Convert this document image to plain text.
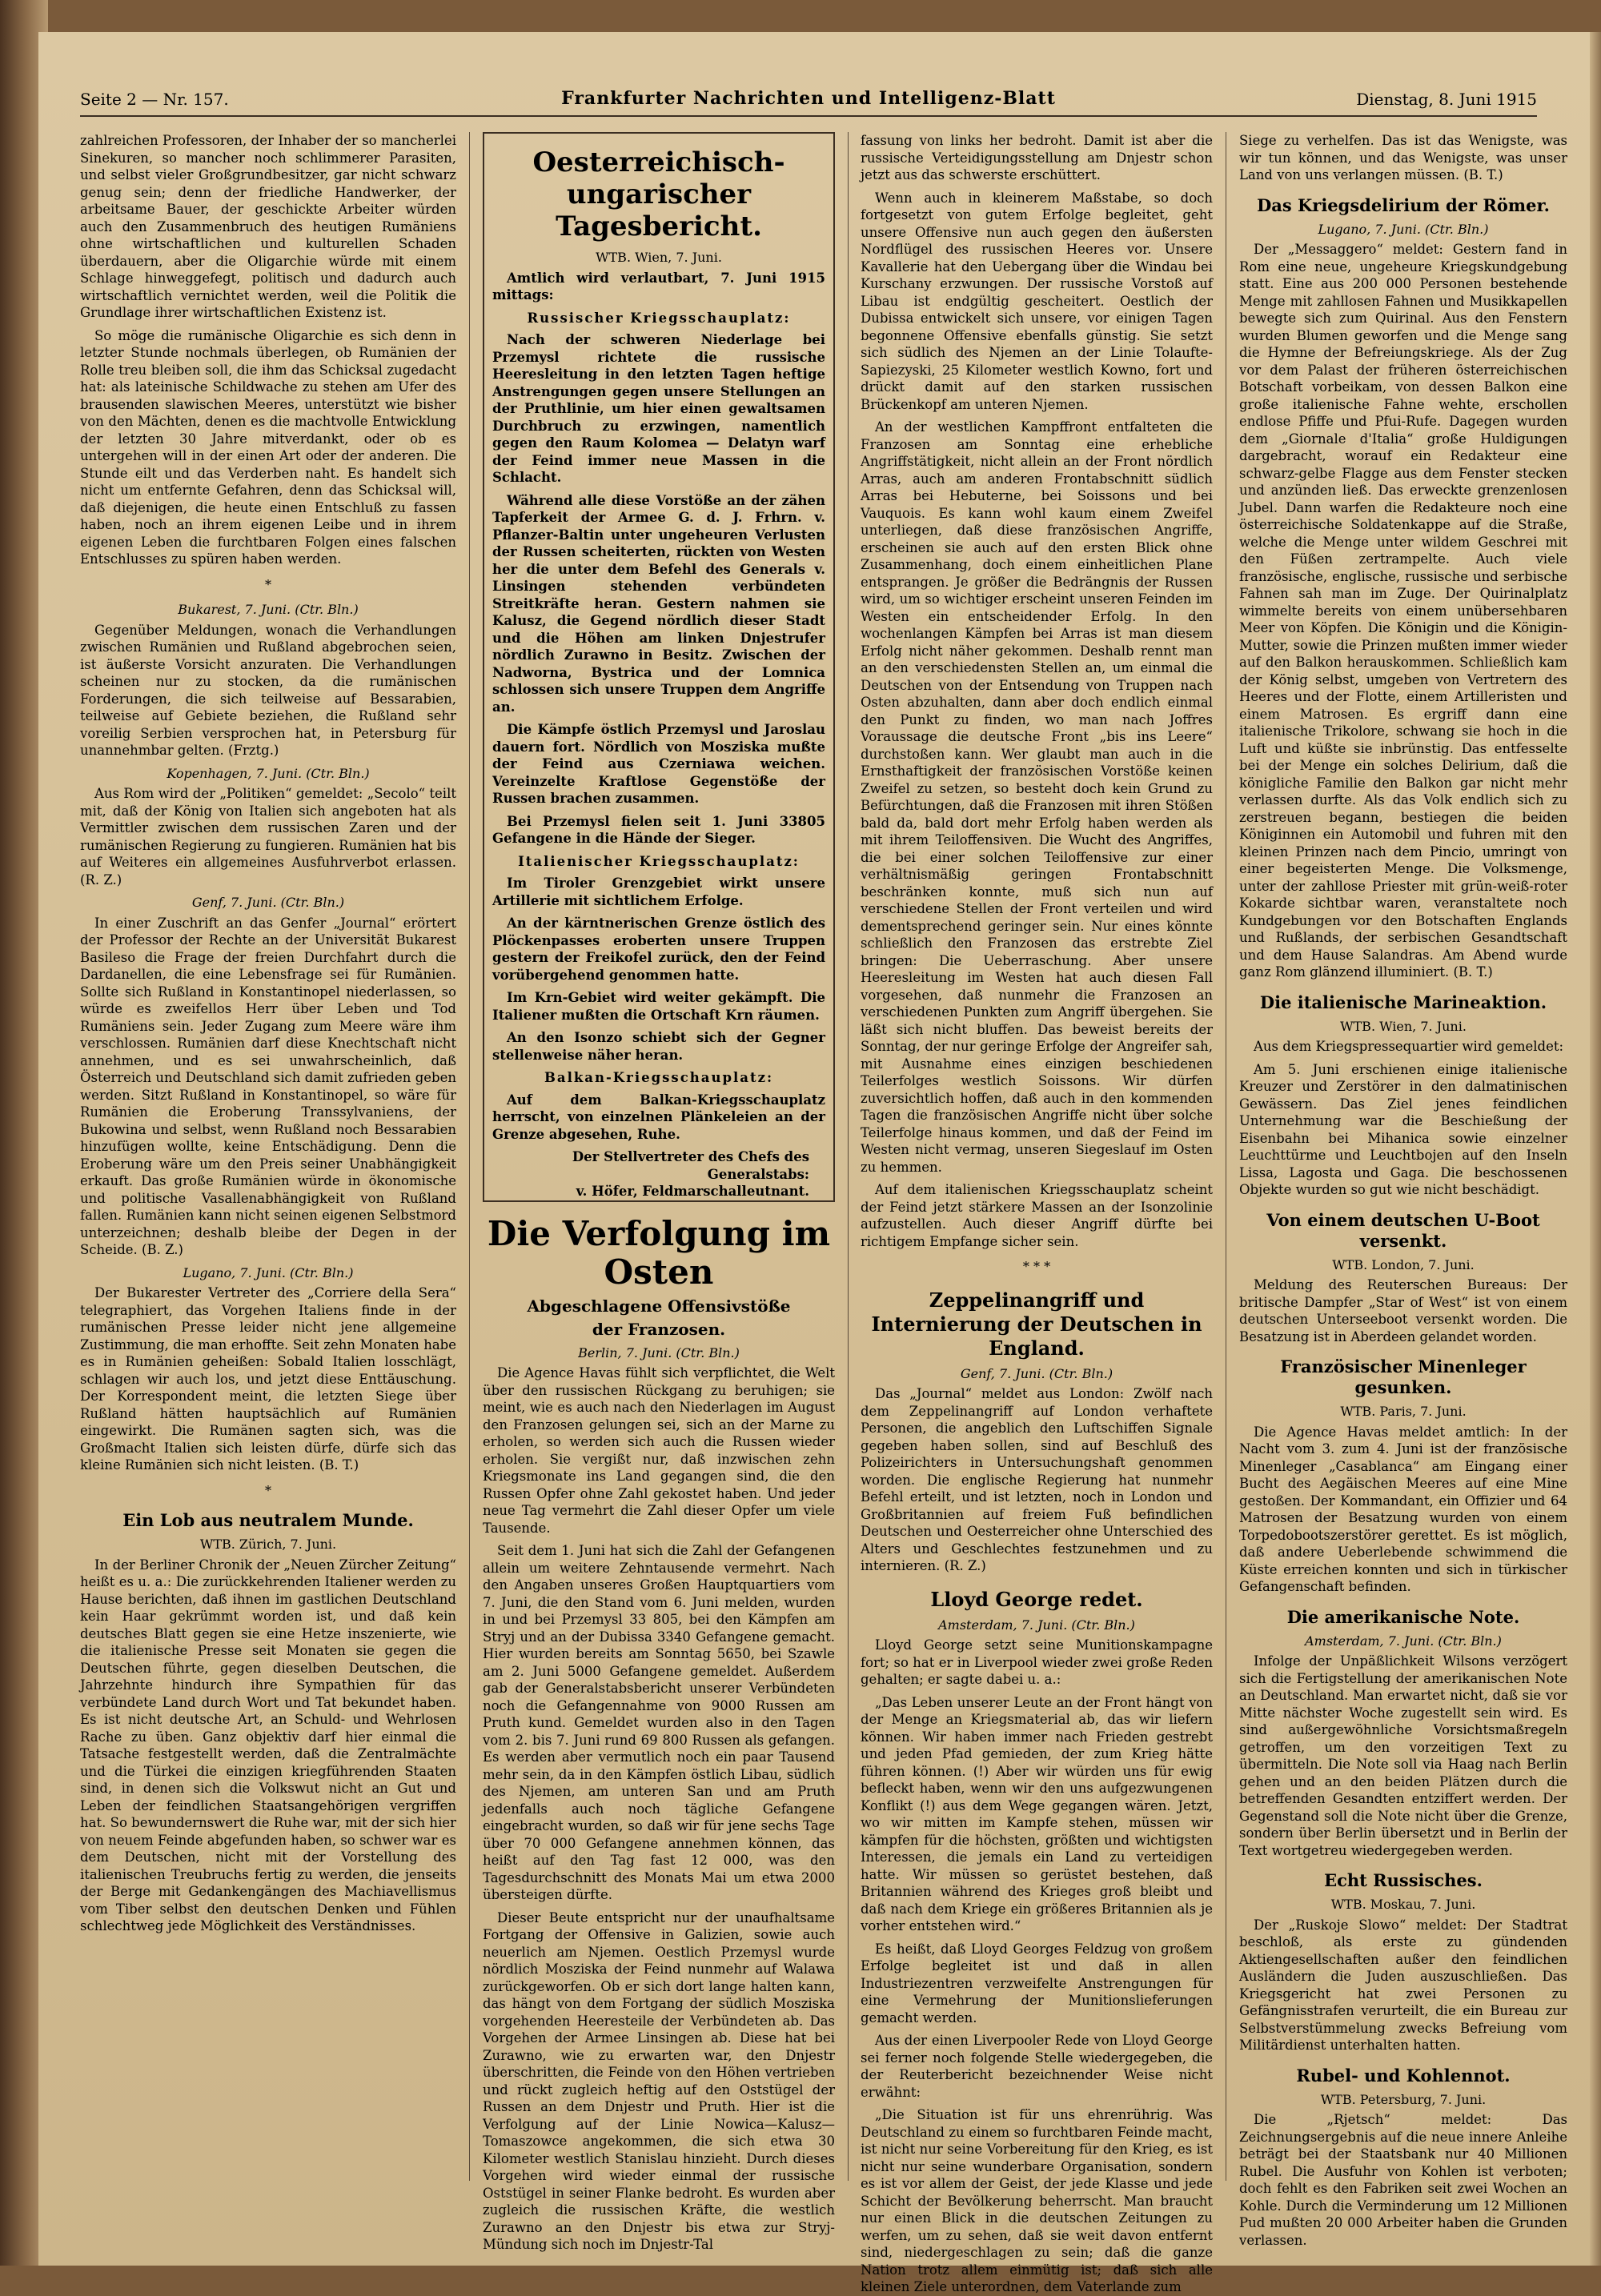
Seite 2 — Nr. 157.	Frankfurter Nachrichten und Intelligenz-Blatt	Dienstag, 8. Juni 1915

zahlreichen Professoren, der Inhaber der so mancherlei Sinekuren, so mancher noch schlimmerer Parasiten, und selbst vieler Großgrundbesitzer, gar nicht schwarz genug sein; denn der friedliche Handwerker, der arbeitsame Bauer, der geschickte Arbeiter würden auch den Zusammenbruch des heutigen Rumäniens ohne wirtschaftlichen und kulturellen Schaden überdauern, aber die Oligarchie würde mit einem Schlage hinweggefegt, politisch und dadurch auch wirtschaftlich vernichtet werden, weil die Politik die Grundlage ihrer wirtschaftlichen Existenz ist.

So möge die rumänische Oligarchie es sich denn in letzter Stunde nochmals überlegen, ob Rumänien der Rolle treu bleiben soll, die ihm das Schicksal zugedacht hat: als lateinische Schildwache zu stehen am Ufer des brausenden slawischen Meeres, unterstützt wie bisher von den Mächten, denen es die machtvolle Entwicklung der letzten 30 Jahre mitverdankt, oder ob es untergehen will in der einen Art oder der anderen. Die Stunde eilt und das Verderben naht. Es handelt sich nicht um entfernte Gefahren, denn das Schicksal will, daß diejenigen, die heute einen Entschluß zu fassen haben, noch an ihrem eigenen Leibe und in ihrem eigenen Leben die furchtbaren Folgen eines falschen Entschlusses zu spüren haben werden.

*
Bukarest, 7. Juni. (Ctr. Bln.)

Gegenüber Meldungen, wonach die Verhandlungen zwischen Rumänien und Rußland abgebrochen seien, ist äußerste Vorsicht anzuraten. Die Verhandlungen scheinen nur zu stocken, da die rumänischen Forderungen, die sich teilweise auf Bessarabien, teilweise auf Gebiete beziehen, die Rußland sehr voreilig Serbien versprochen hat, in Petersburg für unannehmbar gelten. (Frztg.)

Kopenhagen, 7. Juni. (Ctr. Bln.)

Aus Rom wird der „Politiken“ gemeldet: „Secolo“ teilt mit, daß der König von Italien sich angeboten hat als Vermittler zwischen dem russischen Zaren und der rumänischen Regierung zu fungieren. Rumänien hat bis auf Weiteres ein allgemeines Ausfuhrverbot erlassen. (R. Z.)

Genf, 7. Juni. (Ctr. Bln.)

In einer Zuschrift an das Genfer „Journal“ erörtert der Professor der Rechte an der Universität Bukarest Basileso die Frage der freien Durchfahrt durch die Dardanellen, die eine Lebensfrage sei für Rumänien. Sollte sich Rußland in Konstantinopel niederlassen, so würde es zweifellos Herr über Leben und Tod Rumäniens sein. Jeder Zugang zum Meere wäre ihm verschlossen. Rumänien darf diese Knechtschaft nicht annehmen, und es sei unwahrscheinlich, daß Österreich und Deutschland sich damit zufrieden geben werden. Sitzt Rußland in Konstantinopel, so wäre für Rumänien die Eroberung Transsylvaniens, der Bukowina und selbst, wenn Rußland noch Bessarabien hinzufügen wollte, keine Entschädigung. Denn die Eroberung wäre um den Preis seiner Unabhängigkeit erkauft. Das große Rumänien würde in ökonomische und politische Vasallenabhängigkeit von Rußland fallen. Rumänien kann nicht seinen eigenen Selbstmord unterzeichnen; deshalb bleibe der Degen in der Scheide. (B. Z.)

Lugano, 7. Juni. (Ctr. Bln.)

Der Bukarester Vertreter des „Corriere della Sera“ telegraphiert, das Vorgehen Italiens finde in der rumänischen Presse leider nicht jene allgemeine Zustimmung, die man erhoffte. Seit zehn Monaten habe es in Rumänien geheißen: Sobald Italien losschlägt, schlagen wir auch los, und jetzt diese Enttäuschung. Der Korrespondent meint, die letzten Siege über Rußland hätten hauptsächlich auf Rumänien eingewirkt. Die Rumänen sagten sich, was die Großmacht Italien sich leisten dürfe, dürfe sich das kleine Rumänien sich nicht leisten. (B. T.)

*
Ein Lob aus neutralem Munde.
WTB. Zürich, 7. Juni.

In der Berliner Chronik der „Neuen Zürcher Zeitung“ heißt es u. a.: Die zurückkehrenden Italiener werden zu Hause berichten, daß ihnen im gastlichen Deutschland kein Haar gekrümmt worden ist, und daß kein deutsches Blatt gegen sie eine Hetze inszenierte, wie die italienische Presse seit Monaten sie gegen die Deutschen führte, gegen dieselben Deutschen, die Jahrzehnte hindurch ihre Sympathien für das verbündete Land durch Wort und Tat bekundet haben. Es ist nicht deutsche Art, an Schuld- und Wehrlosen Rache zu üben. Ganz objektiv darf hier einmal die Tatsache festgestellt werden, daß die Zentralmächte und die Türkei die einzigen kriegführenden Staaten sind, in denen sich die Volkswut nicht an Gut und Leben der feindlichen Staatsangehörigen vergriffen hat. So bewundernswert die Ruhe war, mit der sich hier von neuem Feinde abgefunden haben, so schwer war es dem Deutschen, nicht mit der Vorstellung des italienischen Treubruchs fertig zu werden, die jenseits der Berge mit Gedankengängen des Machiavellismus vom Tiber selbst den deutschen Denken und Fühlen schlechtweg jede Möglichkeit des Verständnisses.

Oesterreichisch-ungarischer Tagesbericht.
WTB. Wien, 7. Juni.

Amtlich wird verlautbart, 7. Juni 1915 mittags:

Russischer Kriegsschauplatz:

Nach der schweren Niederlage bei Przemysl richtete die russische Heeresleitung in den letzten Tagen heftige Anstrengungen gegen unsere Stellungen an der Pruthlinie, um hier einen gewaltsamen Durchbruch zu erzwingen, namentlich gegen den Raum Kolomea — Delatyn warf der Feind immer neue Massen in die Schlacht.

Während alle diese Vorstöße an der zähen Tapferkeit der Armee G. d. J. Frhrn. v. Pflanzer-Baltin unter ungeheuren Verlusten der Russen scheiterten, rückten von Westen her die unter dem Befehl des Generals v. Linsingen stehenden verbündeten Streitkräfte heran. Gestern nahmen sie Kalusz, die Gegend nördlich dieser Stadt und die Höhen am linken Dnjestrufer nördlich Zurawno in Besitz. Zwischen der Nadworna, Bystrica und der Lomnica schlossen sich unsere Truppen dem Angriffe an.

Die Kämpfe östlich Przemysl und Jaroslau dauern fort. Nördlich von Mosziska mußte der Feind aus Czerniawa weichen. Vereinzelte Kraftlose Gegenstöße der Russen brachen zusammen.

Bei Przemysl fielen seit 1. Juni 33805 Gefangene in die Hände der Sieger.

Italienischer Kriegsschauplatz:

Im Tiroler Grenzgebiet wirkt unsere Artillerie mit sichtlichem Erfolge.

An der kärntnerischen Grenze östlich des Plöckenpasses eroberten unsere Truppen gestern der Freikofel zurück, den der Feind vorübergehend genommen hatte.

Im Krn-Gebiet wird weiter gekämpft. Die Italiener mußten die Ortschaft Krn räumen.

An den Isonzo schiebt sich der Gegner stellenweise näher heran.

Balkan-Kriegsschauplatz:

Auf dem Balkan-Kriegsschauplatz herrscht, von einzelnen Plänkeleien an der Grenze abgesehen, Ruhe.

Der Stellvertreter des Chefs des Generalstabs:
v. Höfer, Feldmarschalleutnant.
Die Verfolgung im Osten
Abgeschlagene Offensivstöße
der Franzosen.
Berlin, 7. Juni. (Ctr. Bln.)

Die Agence Havas fühlt sich verpflichtet, die Welt über den russischen Rückgang zu beruhigen; sie meint, wie es auch nach den Niederlagen im August den Franzosen gelungen sei, sich an der Marne zu erholen, so werden sich auch die Russen wieder erholen. Sie vergißt nur, daß inzwischen zehn Kriegsmonate ins Land gegangen sind, die den Russen Opfer ohne Zahl gekostet haben. Und jeder neue Tag vermehrt die Zahl dieser Opfer um viele Tausende.

Seit dem 1. Juni hat sich die Zahl der Gefangenen allein um weitere Zehntausende vermehrt. Nach den Angaben unseres Großen Hauptquartiers vom 7. Juni, die den Stand vom 6. Juni melden, wurden in und bei Przemysl 33 805, bei den Kämpfen am Stryj und an der Dubissa 3340 Gefangene gemacht. Hier wurden bereits am Sonntag 5650, bei Szawle am 2. Juni 5000 Gefangene gemeldet. Außerdem gab der Generalstabsbericht unserer Verbündeten noch die Gefangennahme von 9000 Russen am Pruth kund. Gemeldet wurden also in den Tagen vom 2. bis 7. Juni rund 69 800 Russen als gefangen. Es werden aber vermutlich noch ein paar Tausend mehr sein, da in den Kämpfen östlich Libau, südlich des Njemen, am unteren San und am Pruth jedenfalls auch noch tägliche Gefangene eingebracht wurden, so daß wir für jene sechs Tage über 70 000 Gefangene annehmen können, das heißt auf den Tag fast 12 000, was den Tagesdurchschnitt des Monats Mai um etwa 2000 übersteigen dürfte.

Dieser Beute entspricht nur der unaufhaltsame Fortgang der Offensive in Galizien, sowie auch neuerlich am Njemen. Oestlich Przemysl wurde nördlich Mosziska der Feind nunmehr auf Walawa zurückgeworfen. Ob er sich dort lange halten kann, das hängt von dem Fortgang der südlich Mosziska vorgehenden Heeresteile der Verbündeten ab. Das Vorgehen der Armee Linsingen ab. Diese hat bei Zurawno, wie zu erwarten war, den Dnjestr überschritten, die Feinde von den Höhen vertrieben und rückt zugleich heftig auf den Oststügel der Russen an dem Dnjestr und Pruth. Hier ist die Verfolgung auf der Linie Nowica—Kalusz—Tomaszowce angekommen, die sich etwa 30 Kilometer westlich Stanislau hinzieht. Durch dieses Vorgehen wird wieder einmal der russische Oststügel in seiner Flanke bedroht. Es wurden aber zugleich die russischen Kräfte, die westlich Zurawno an den Dnjestr bis etwa zur Stryj-Mündung sich noch im Dnjestr-Tal

fassung von links her bedroht. Damit ist aber die russische Verteidigungsstellung am Dnjestr schon jetzt aus das schwerste erschüttert.

Wenn auch in kleinerem Maßstabe, so doch fortgesetzt von gutem Erfolge begleitet, geht unsere Offensive nun auch gegen den äußersten Nordflügel des russischen Heeres vor. Unsere Kavallerie hat den Uebergang über die Windau bei Kurschany erzwungen. Der russische Vorstoß auf Libau ist endgültig gescheitert. Oestlich der Dubissa entwickelt sich unsere, vor einigen Tagen begonnene Offensive ebenfalls günstig. Sie setzt sich südlich des Njemen an der Linie Tolaufte-Sapiezyski, 25 Kilometer westlich Kowno, fort und drückt damit auf den starken russischen Brückenkopf am unteren Njemen.

An der westlichen Kampffront entfalteten die Franzosen am Sonntag eine erhebliche Angriffstätigkeit, nicht allein an der Front nördlich Arras, auch am anderen Frontabschnitt südlich Arras bei Hebuterne, bei Soissons und bei Vauquois. Es kann wohl kaum einem Zweifel unterliegen, daß diese französischen Angriffe, erscheinen sie auch auf den ersten Blick ohne Zusammenhang, doch einem einheitlichen Plane entsprangen. Je größer die Bedrängnis der Russen wird, um so wichtiger erscheint unseren Feinden im Westen ein entscheidender Erfolg. In den wochenlangen Kämpfen bei Arras ist man diesem Erfolg nicht näher gekommen. Deshalb rennt man an den verschiedensten Stellen an, um einmal die Deutschen von der Entsendung von Truppen nach Osten abzuhalten, dann aber doch endlich einmal den Punkt zu finden, wo man nach Joffres Voraussage die deutsche Front „bis ins Leere“ durchstoßen kann. Wer glaubt man auch in die Ernsthaftigkeit der französischen Vorstöße keinen Zweifel zu setzen, so besteht doch kein Grund zu Befürchtungen, daß die Franzosen mit ihren Stößen bald da, bald dort mehr Erfolg haben werden als mit ihrem Teiloffensiven. Die Wucht des Angriffes, die bei einer solchen Teiloffensive zur einer verhältnismäßig geringen Frontabschnitt beschränken konnte, muß sich nun auf verschiedene Stellen der Front verteilen und wird dementsprechend geringer sein. Nur eines könnte schließlich den Franzosen das erstrebte Ziel bringen: Die Ueberraschung. Aber unsere Heeresleitung im Westen hat auch diesen Fall vorgesehen, daß nunmehr die Franzosen an verschiedenen Punkten zum Angriff übergehen. Sie läßt sich nicht bluffen. Das beweist bereits der Sonntag, der nur geringe Erfolge der Angreifer sah, mit Ausnahme eines einzigen beschiedenen Teilerfolges westlich Soissons. Wir dürfen zuversichtlich hoffen, daß auch in den kommenden Tagen die französischen Angriffe nicht über solche Teilerfolge hinaus kommen, und daß der Feind im Westen nicht vermag, unseren Siegeslauf im Osten zu hemmen.

Auf dem italienischen Kriegsschauplatz scheint der Feind jetzt stärkere Massen an der Isonzolinie aufzustellen. Auch dieser Angriff dürfte bei richtigem Empfange sicher sein.

* * *
Zeppelinangriff und Internierung der Deutschen in England.
Genf, 7. Juni. (Ctr. Bln.)

Das „Journal“ meldet aus London: Zwölf nach dem Zeppelinangriff auf London verhaftete Personen, die angeblich den Luftschiffen Signale gegeben haben sollen, sind auf Beschluß des Polizeirichters in Untersuchungshaft genommen worden. Die englische Regierung hat nunmehr Befehl erteilt, und ist letzten, noch in London und Großbritannien auf freiem Fuß befindlichen Deutschen und Oesterreicher ohne Unterschied des Alters und Geschlechtes festzunehmen und zu internieren. (R. Z.)

Lloyd George redet.
Amsterdam, 7. Juni. (Ctr. Bln.)

Lloyd George setzt seine Munitionskampagne fort; so hat er in Liverpool wieder zwei große Reden gehalten; er sagte dabei u. a.:

„Das Leben unserer Leute an der Front hängt von der Menge an Kriegsmaterial ab, das wir liefern können. Wir haben immer nach Frieden gestrebt und jeden Pfad gemieden, der zum Krieg hätte führen können. (!) Aber wir würden uns für ewig befleckt haben, wenn wir den uns aufgezwungenen Konflikt (!) aus dem Wege gegangen wären. Jetzt, wo wir mitten im Kampfe stehen, müssen wir kämpfen für die höchsten, größten und wichtigsten Interessen, die jemals ein Land zu verteidigen hatte. Wir müssen so gerüstet bestehen, daß Britannien während des Krieges groß bleibt und daß nach dem Kriege ein größeres Britannien als je vorher entstehen wird.“

Es heißt, daß Lloyd Georges Feldzug von großem Erfolge begleitet ist und daß in allen Industriezentren verzweifelte Anstrengungen für eine Vermehrung der Munitionslieferungen gemacht werden.

Aus der einen Liverpooler Rede von Lloyd George sei ferner noch folgende Stelle wiedergegeben, die der Reuterbericht bezeichnender Weise nicht erwähnt:

„Die Situation ist für uns ehrenrührig. Was Deutschland zu einem so furchtbaren Feinde macht, ist nicht nur seine Vorbereitung für den Krieg, es ist nicht nur seine wunderbare Organisation, sondern es ist vor allem der Geist, der jede Klasse und jede Schicht der Bevölkerung beherrscht. Man braucht nur einen Blick in die deutschen Zeitungen zu werfen, um zu sehen, daß sie weit davon entfernt sind, niedergeschlagen zu sein; daß die ganze Nation trotz allem einmütig ist; daß sich alle kleinen Ziele unterordnen, dem Vaterlande zum

Siege zu verhelfen. Das ist das Wenigste, was wir tun können, und das Wenigste, was unser Land von uns verlangen müssen. (B. T.)

Das Kriegsdelirium der Römer.
Lugano, 7. Juni. (Ctr. Bln.)

Der „Messaggero“ meldet: Gestern fand in Rom eine neue, ungeheure Kriegskundgebung statt. Eine aus 200 000 Personen bestehende Menge mit zahllosen Fahnen und Musikkapellen bewegte sich zum Quirinal. Aus den Fenstern wurden Blumen geworfen und die Menge sang die Hymne der Befreiungskriege. Als der Zug vor dem Palast der früheren österreichischen Botschaft vorbeikam, von dessen Balkon eine große italienische Fahne wehte, erschollen endlose Pfiffe und Pfui-Rufe. Dagegen wurden dem „Giornale d'Italia“ große Huldigungen dargebracht, worauf ein Redakteur eine schwarz-gelbe Flagge aus dem Fenster stecken und anzünden ließ. Das erweckte grenzenlosen Jubel. Dann warfen die Redakteure noch eine österreichische Soldatenkappe auf die Straße, welche die Menge unter wildem Geschrei mit den Füßen zertrampelte. Auch viele französische, englische, russische und serbische Fahnen sah man im Zuge. Der Quirinalplatz wimmelte bereits von einem unübersehbaren Meer von Köpfen. Die Königin und die Königin-Mutter, sowie die Prinzen mußten immer wieder auf den Balkon herauskommen. Schließlich kam der König selbst, umgeben von Vertretern des Heeres und der Flotte, einem Artilleristen und einem Matrosen. Es ergriff dann eine italienische Trikolore, schwang sie hoch in die Luft und küßte sie inbrünstig. Das entfesselte bei der Menge ein solches Delirium, daß die königliche Familie den Balkon gar nicht mehr verlassen durfte. Als das Volk endlich sich zu zerstreuen begann, bestiegen die beiden Königinnen ein Automobil und fuhren mit den kleinen Prinzen nach dem Pincio, umringt von einer begeisterten Menge. Die Volksmenge, unter der zahllose Priester mit grün-weiß-roter Kokarde sichtbar waren, veranstaltete noch Kundgebungen vor den Botschaften Englands und Rußlands, der serbischen Gesandtschaft und dem Hause Salandras. Am Abend wurde ganz Rom glänzend illuminiert. (B. T.)

Die italienische Marineaktion.
WTB. Wien, 7. Juni.

Aus dem Kriegspressequartier wird gemeldet:

Am 5. Juni erschienen einige italienische Kreuzer und Zerstörer in den dalmatinischen Gewässern. Das Ziel jenes feindlichen Unternehmung war die Beschießung der Eisenbahn bei Mihanica sowie einzelner Leuchttürme und Leuchtbojen auf den Inseln Lissa, Lagosta und Gaga. Die beschossenen Objekte wurden so gut wie nicht beschädigt.

Von einem deutschen U-Boot versenkt.
WTB. London, 7. Juni.

Meldung des Reuterschen Bureaus: Der britische Dampfer „Star of West“ ist von einem deutschen Unterseeboot versenkt worden. Die Besatzung ist in Aberdeen gelandet worden.

Französischer Minenleger gesunken.
WTB. Paris, 7. Juni.

Die Agence Havas meldet amtlich: In der Nacht vom 3. zum 4. Juni ist der französische Minenleger „Casablanca“ am Eingang einer Bucht des Aegäischen Meeres auf eine Mine gestoßen. Der Kommandant, ein Offizier und 64 Matrosen der Besatzung wurden von einem Torpedobootszerstörer gerettet. Es ist möglich, daß andere Ueberlebende schwimmend die Küste erreichen konnten und sich in türkischer Gefangenschaft befinden.

Die amerikanische Note.
Amsterdam, 7. Juni. (Ctr. Bln.)

Infolge der Unpäßlichkeit Wilsons verzögert sich die Fertigstellung der amerikanischen Note an Deutschland. Man erwartet nicht, daß sie vor Mitte nächster Woche zugestellt sein wird. Es sind außergewöhnliche Vorsichtsmaßregeln getroffen, um den vorzeitigen Text zu übermitteln. Die Note soll via Haag nach Berlin gehen und an den beiden Plätzen durch die betreffenden Gesandten entziffert werden. Der Gegenstand soll die Note nicht über die Grenze, sondern über Berlin übersetzt und in Berlin der Text wortgetreu wiedergegeben werden.

Echt Russisches.
WTB. Moskau, 7. Juni.

Der „Ruskoje Slowo“ meldet: Der Stadtrat beschloß, als erste zu gündenden Aktiengesellschaften außer den feindlichen Ausländern die Juden auszuschließen. Das Kriegsgericht hat zwei Personen zu Gefängnisstrafen verurteilt, die ein Bureau zur Selbstverstümmelung zwecks Befreiung vom Militärdienst unterhalten hatten.

Rubel- und Kohlennot.
WTB. Petersburg, 7. Juni.

Die „Rjetsch“ meldet: Das Zeichnungsergebnis auf die neue innere Anleihe beträgt bei der Staatsbank nur 40 Millionen Rubel. Die Ausfuhr von Kohlen ist verboten; doch fehlt es den Fabriken seit zwei Wochen an Kohle. Durch die Verminderung um 12 Millionen Pud mußten 20 000 Arbeiter haben die Grunden verlassen.
